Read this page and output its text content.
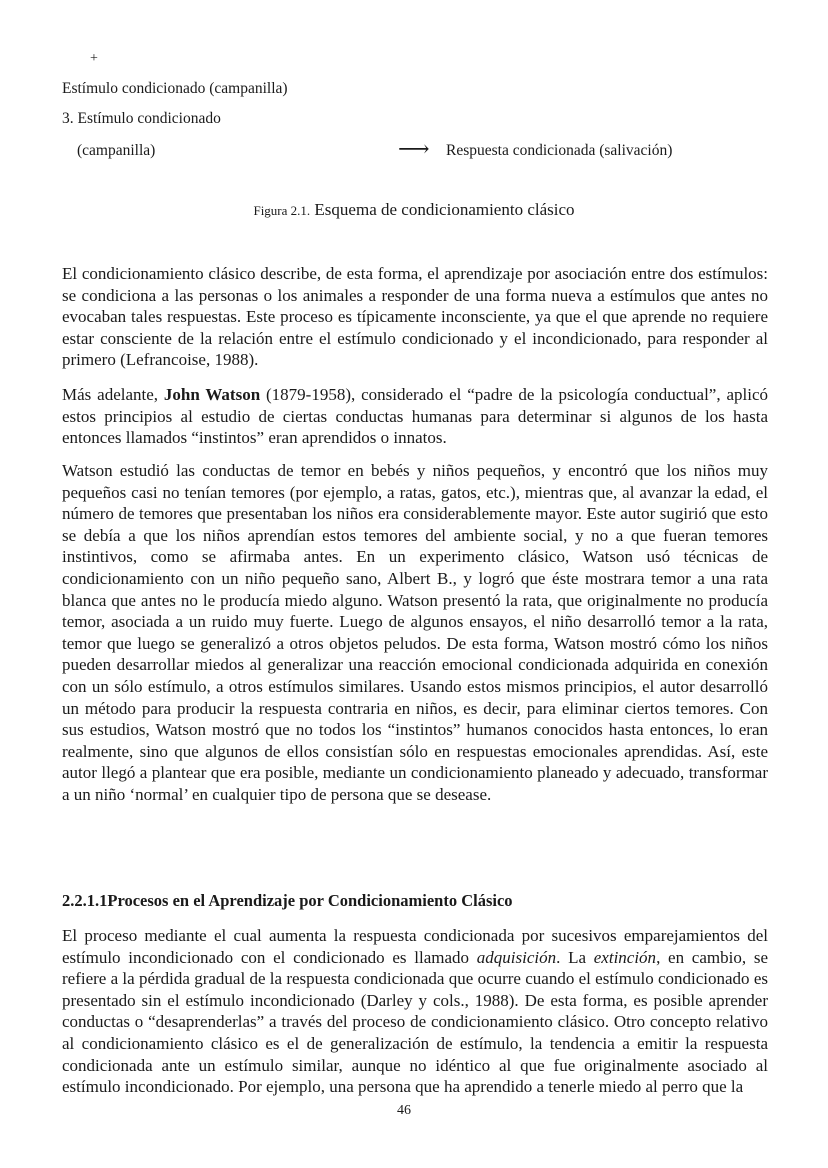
+
Estímulo condicionado (campanilla)
3. Estímulo condicionado
(campanilla)	⟶ Respuesta condicionada (salivación)
Figura 2.1. Esquema de condicionamiento clásico

El condicionamiento clásico describe, de esta forma, el aprendizaje por asociación entre dos estímulos: se condiciona a las personas o los animales a responder de una forma nueva a estímulos que antes no evocaban tales respuestas. Este proceso es típicamente inconsciente, ya que el que aprende no requiere estar consciente de la relación entre el estímulo condicionado y el incondicionado, para responder al primero (Lefrancoise, 1988).

Más adelante, John Watson (1879-1958), considerado el “padre de la psicología conductual”, aplicó estos principios al estudio de ciertas conductas humanas para determinar si algunos de los hasta entonces llamados “instintos” eran aprendidos o innatos.

Watson estudió las conductas de temor en bebés y niños pequeños, y encontró que los niños muy pequeños casi no tenían temores (por ejemplo, a ratas, gatos, etc.), mientras que, al avanzar la edad, el número de temores que presentaban los niños era considerablemente mayor. Este autor sugirió que esto se debía a que los niños aprendían estos temores del ambiente social, y no a que fueran temores instintivos, como se afirmaba antes. En un experimento clásico, Watson usó técnicas de condicionamiento con un niño pequeño sano, Albert B., y logró que éste mostrara temor a una rata blanca que antes no le producía miedo alguno. Watson presentó la rata, que originalmente no producía temor, asociada a un ruido muy fuerte. Luego de algunos ensayos, el niño desarrolló temor a la rata, temor que luego se generalizó a otros objetos peludos. De esta forma, Watson mostró cómo los niños pueden desarrollar miedos al generalizar una reacción emocional condicionada adquirida en conexión con un sólo estímulo, a otros estímulos similares. Usando estos mismos principios, el autor desarrolló un método para producir la respuesta contraria en niños, es decir, para eliminar ciertos temores. Con sus estudios, Watson mostró que no todos los “instintos” humanos conocidos hasta entonces, lo eran realmente, sino que algunos de ellos consistían sólo en respuestas emocionales aprendidas. Así, este autor llegó a plantear que era posible, mediante un condicionamiento planeado y adecuado, transformar a un niño ‘normal’ en cualquier tipo de persona que se desease.

2.2.1.1Procesos en el Aprendizaje por Condicionamiento Clásico

El proceso mediante el cual aumenta la respuesta condicionada por sucesivos emparejamientos del estímulo incondicionado con el condicionado es llamado adquisición. La extinción, en cambio, se refiere a la pérdida gradual de la respuesta condicionada que ocurre cuando el estímulo condicionado es presentado sin el estímulo incondicionado (Darley y cols., 1988). De esta forma, es posible aprender conductas o “desaprenderlas” a través del proceso de condicionamiento clásico. Otro concepto relativo al condicionamiento clásico es el de generalización de estímulo, la tendencia a emitir la respuesta condicionada ante un estímulo similar, aunque no idéntico al que fue originalmente asociado al estímulo incondicionado. Por ejemplo, una persona que ha aprendido a tenerle miedo al perro que la

46
